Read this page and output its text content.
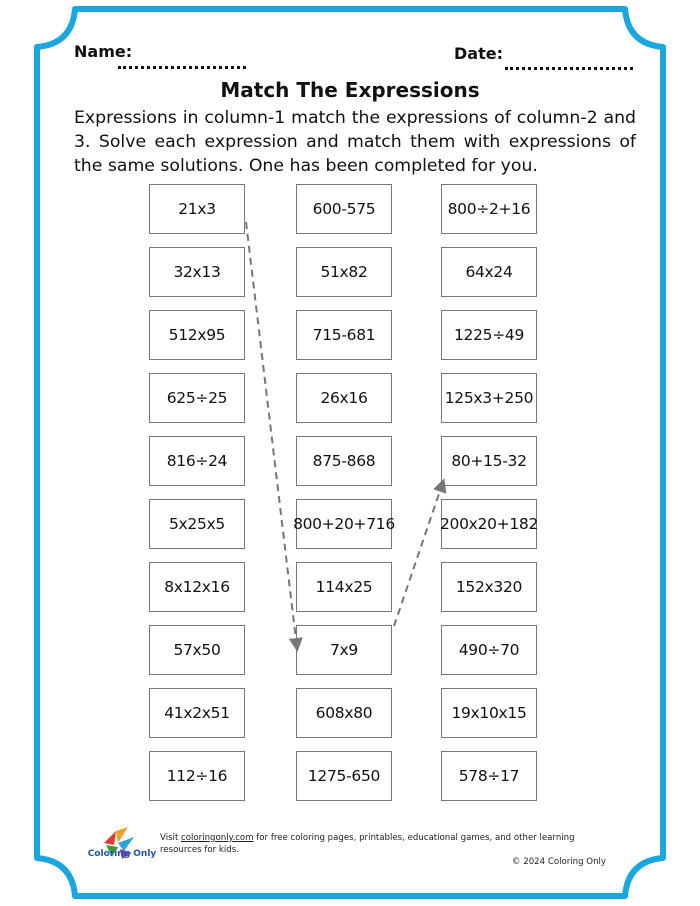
Name:	Date:
Match The Expressions
Expressions in column-1 match the expressions of column-2 and 3. Solve each expression and match them with expressions of the same solutions. One has been completed for you.
21x3
32x13
512x95
625÷25
816÷24
5x25x5
8x12x16
57x50
41x2x51
112÷16
600-575
51x82
715-681
26x16
875-868
800+20+716
114x25
7x9
608x80
1275-650
800÷2+16
64x24
1225÷49
125x3+250
80+15-32
200x20+182
152x320
490÷70
19x10x15
578÷17
Coloring Only
Visit coloringonly.com for free coloring pages, printables, educational games, and other learning resources for kids.
© 2024 Coloring Only
